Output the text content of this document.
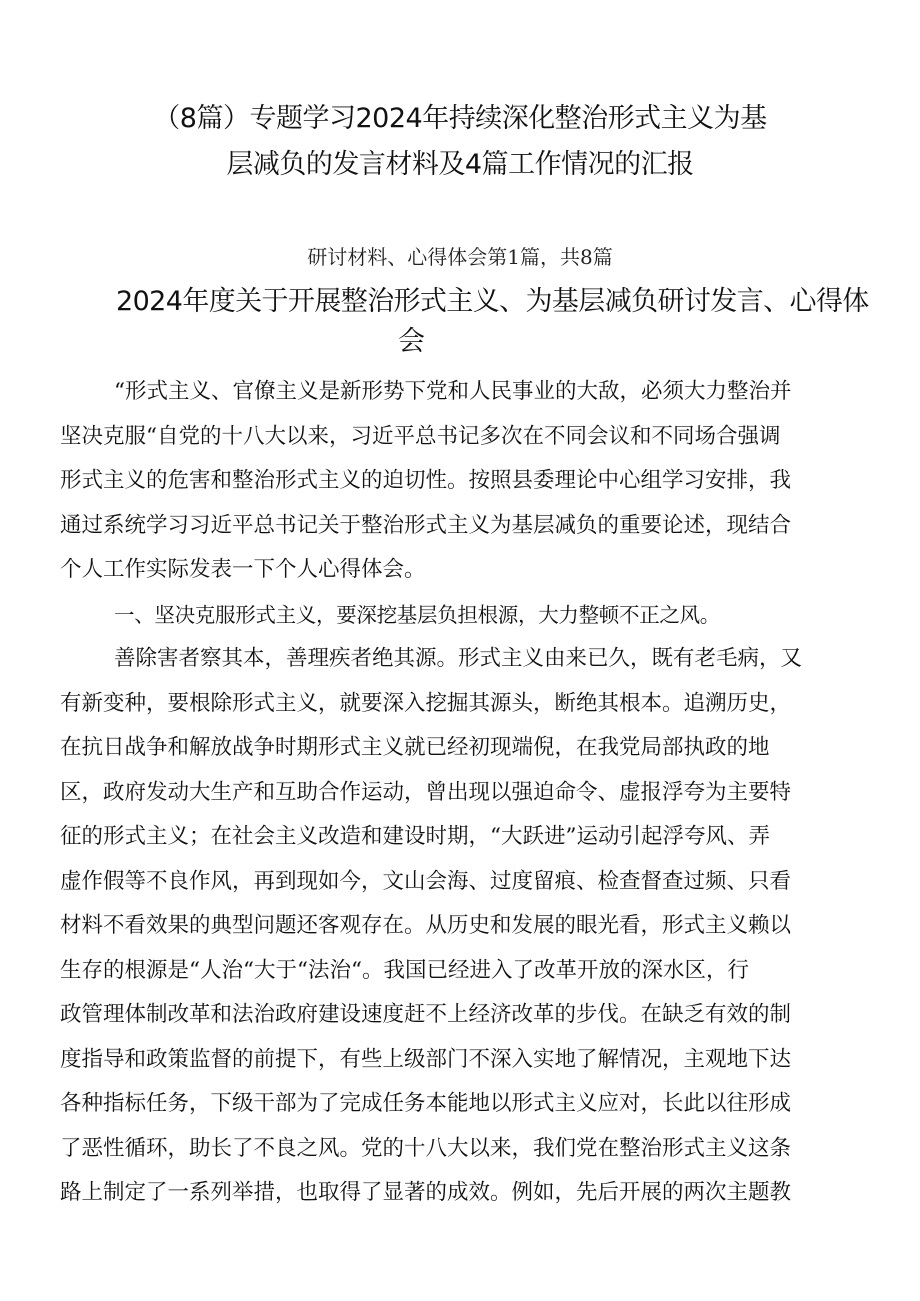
（8篇）专题学习2024年持续深化整治形式主义为基
层减负的发言材料及4篇工作情况的汇报
研讨材料、心得体会第1篇，共8篇
2024年度关于开展整治形式主义、为基层减负研讨发言、心得体
会
“形式主义、官僚主义是新形势下党和人民事业的大敌，必须大力整治并
坚决克服“自党的十八大以来，习近平总书记多次在不同会议和不同场合强调
形式主义的危害和整治形式主义的迫切性。按照县委理论中心组学习安排，我
通过系统学习习近平总书记关于整治形式主义为基层减负的重要论述，现结合
个人工作实际发表一下个人心得体会。
一、坚决克服形式主义，要深挖基层负担根源，大力整顿不正之风。
善除害者察其本，善理疾者绝其源。形式主义由来已久，既有老毛病，又
有新变种，要根除形式主义，就要深入挖掘其源头，断绝其根本。追溯历史，
在抗日战争和解放战争时期形式主义就已经初现端倪，在我党局部执政的地
区，政府发动大生产和互助合作运动，曾出现以强迫命令、虚报浮夸为主要特
征的形式主义；在社会主义改造和建设时期，“大跃进”运动引起浮夸风、弄
虚作假等不良作风，再到现如今，文山会海、过度留痕、检查督查过频、只看
材料不看效果的典型问题还客观存在。从历史和发展的眼光看，形式主义赖以
生存的根源是“人治“大于“法治“。我国已经进入了改革开放的深水区，行
政管理体制改革和法治政府建设速度赶不上经济改革的步伐。在缺乏有效的制
度指导和政策监督的前提下，有些上级部门不深入实地了解情况，主观地下达
各种指标任务，下级干部为了完成任务本能地以形式主义应对，长此以往形成
了恶性循环，助长了不良之风。党的十八大以来，我们党在整治形式主义这条
路上制定了一系列举措，也取得了显著的成效。例如，先后开展的两次主题教
